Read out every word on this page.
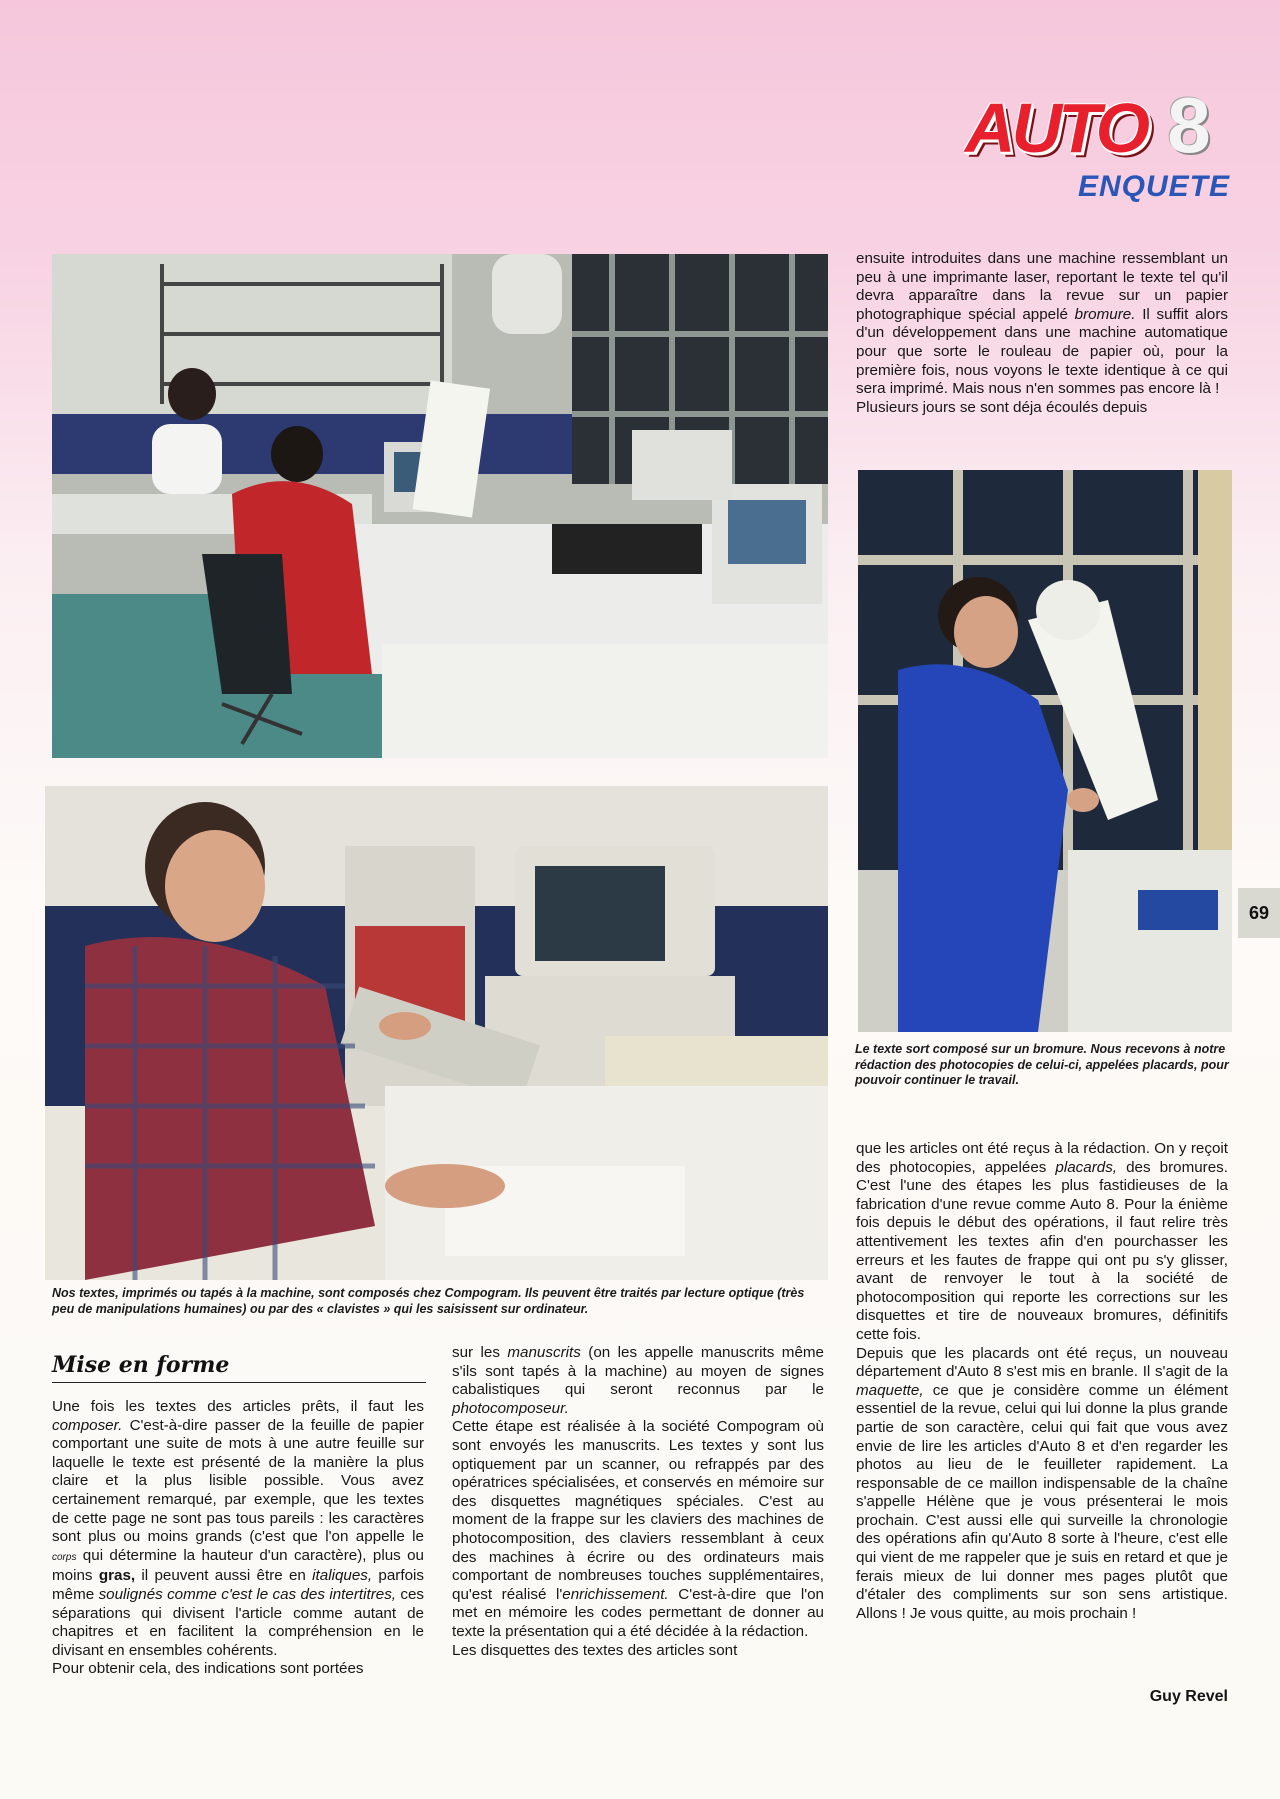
AUTO 8
ENQUETE
Nos textes, imprimés ou tapés à la machine, sont composés chez Compogram. Ils peuvent être traités par lecture optique (très peu de manipulations humaines) ou par des « clavistes » qui les saisissent sur ordinateur.
Le texte sort composé sur un bromure. Nous recevons à notre rédaction des photocopies de celui-ci, appelées placards, pour pouvoir continuer le travail.
Mise en forme

Une fois les textes des articles prêts, il faut les composer. C'est-à-dire passer de la feuille de papier comportant une suite de mots à une autre feuille sur laquelle le texte est présenté de la manière la plus claire et la plus lisible possible. Vous avez certainement remarqué, par exemple, que les textes de cette page ne sont pas tous pareils : les caractères sont plus ou moins grands (c'est que l'on appelle le corps qui détermine la hauteur d'un caractère), plus ou moins gras, il peuvent aussi être en italiques, parfois même soulignés comme c'est le cas des intertitres, ces séparations qui divisent l'article comme autant de chapitres et en facilitent la compréhension en le divisant en ensembles cohérents.

Pour obtenir cela, des indications sont portées

sur les manuscrits (on les appelle manuscrits même s'ils sont tapés à la machine) au moyen de signes cabalistiques qui seront reconnus par le photocomposeur.

Cette étape est réalisée à la société Compogram où sont envoyés les manuscrits. Les textes y sont lus optiquement par un scanner, ou refrappés par des opératrices spécialisées, et conservés en mémoire sur des disquettes magnétiques spéciales. C'est au moment de la frappe sur les claviers des machines de photocomposition, des claviers ressemblant à ceux des machines à écrire ou des ordinateurs mais comportant de nombreuses touches supplémentaires, qu'est réalisé l'enrichissement. C'est-à-dire que l'on met en mémoire les codes permettant de donner au texte la présentation qui a été décidée à la rédaction.

Les disquettes des textes des articles sont

ensuite introduites dans une machine ressemblant un peu à une imprimante laser, reportant le texte tel qu'il devra apparaître dans la revue sur un papier photographique spécial appelé bromure. Il suffit alors d'un développement dans une machine automatique pour que sorte le rouleau de papier où, pour la première fois, nous voyons le texte identique à ce qui sera imprimé. Mais nous n'en sommes pas encore là !

Plusieurs jours se sont déja écoulés depuis

que les articles ont été reçus à la rédaction. On y reçoit des photocopies, appelées placards, des bromures. C'est l'une des étapes les plus fastidieuses de la fabrication d'une revue comme Auto 8. Pour la énième fois depuis le début des opérations, il faut relire très attentivement les textes afin d'en pourchasser les erreurs et les fautes de frappe qui ont pu s'y glisser, avant de renvoyer le tout à la société de photocomposition qui reporte les corrections sur les disquettes et tire de nouveaux bromures, définitifs cette fois.

Depuis que les placards ont été reçus, un nouveau département d'Auto 8 s'est mis en branle. Il s'agit de la maquette, ce que je considère comme un élément essentiel de la revue, celui qui lui donne la plus grande partie de son caractère, celui qui fait que vous avez envie de lire les articles d'Auto 8 et d'en regarder les photos au lieu de le feuilleter rapidement. La responsable de ce maillon indispensable de la chaîne s'appelle Hélène que je vous présenterai le mois prochain. C'est aussi elle qui surveille la chronologie des opérations afin qu'Auto 8 sorte à l'heure, c'est elle qui vient de me rappeler que je suis en retard et que je ferais mieux de lui donner mes pages plutôt que d'étaler des compliments sur son sens artistique. Allons ! Je vous quitte, au mois prochain !

Guy Revel
69
